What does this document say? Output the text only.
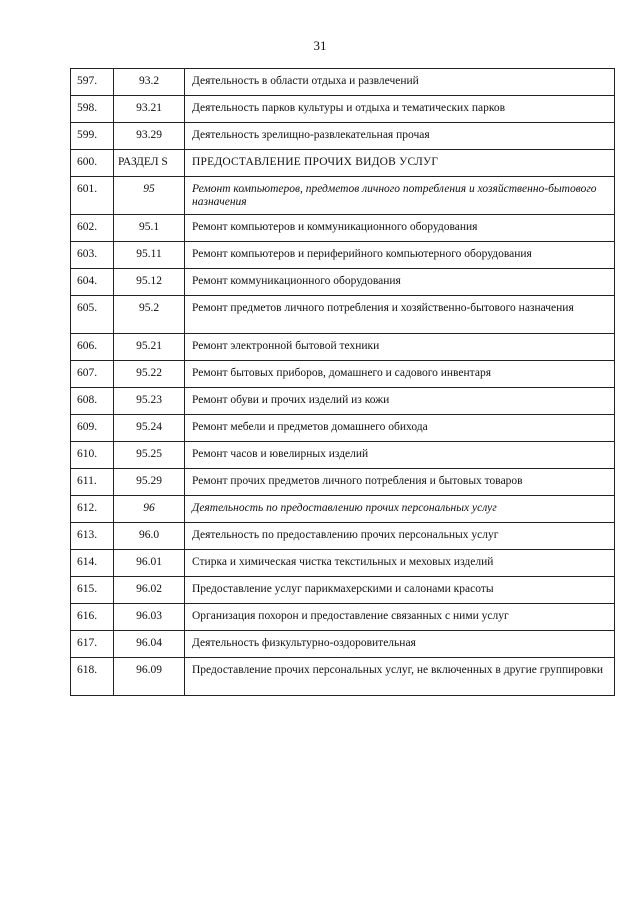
31
597.	93.2	Деятельность в области отдыха и развлечений
598.	93.21	Деятельность парков культуры и отдыха и тематических парков
599.	93.29	Деятельность зрелищно-развлекательная прочая
600.	РАЗДЕЛ S	ПРЕДОСТАВЛЕНИЕ ПРОЧИХ ВИДОВ УСЛУГ
601.	95	Ремонт компьютеров, предметов личного потребления и хозяйственно-бытового назначения
602.	95.1	Ремонт компьютеров и коммуникационного оборудования
603.	95.11	Ремонт компьютеров и периферийного компьютерного оборудования
604.	95.12	Ремонт коммуникационного оборудования
605.	95.2	Ремонт предметов личного потребления и хозяйственно-бытового назначения
606.	95.21	Ремонт электронной бытовой техники
607.	95.22	Ремонт бытовых приборов, домашнего и садового инвентаря
608.	95.23	Ремонт обуви и прочих изделий из кожи
609.	95.24	Ремонт мебели и предметов домашнего обихода
610.	95.25	Ремонт часов и ювелирных изделий
611.	95.29	Ремонт прочих предметов личного потребления и бытовых товаров
612.	96	Деятельность по предоставлению прочих персональных услуг
613.	96.0	Деятельность по предоставлению прочих персональных услуг
614.	96.01	Стирка и химическая чистка текстильных и меховых изделий
615.	96.02	Предоставление услуг парикмахерскими и салонами красоты
616.	96.03	Организация похорон и предоставление связанных с ними услуг
617.	96.04	Деятельность физкультурно-оздоровительная
618.	96.09	Предоставление прочих персональных услуг, не включенных в другие группировки
